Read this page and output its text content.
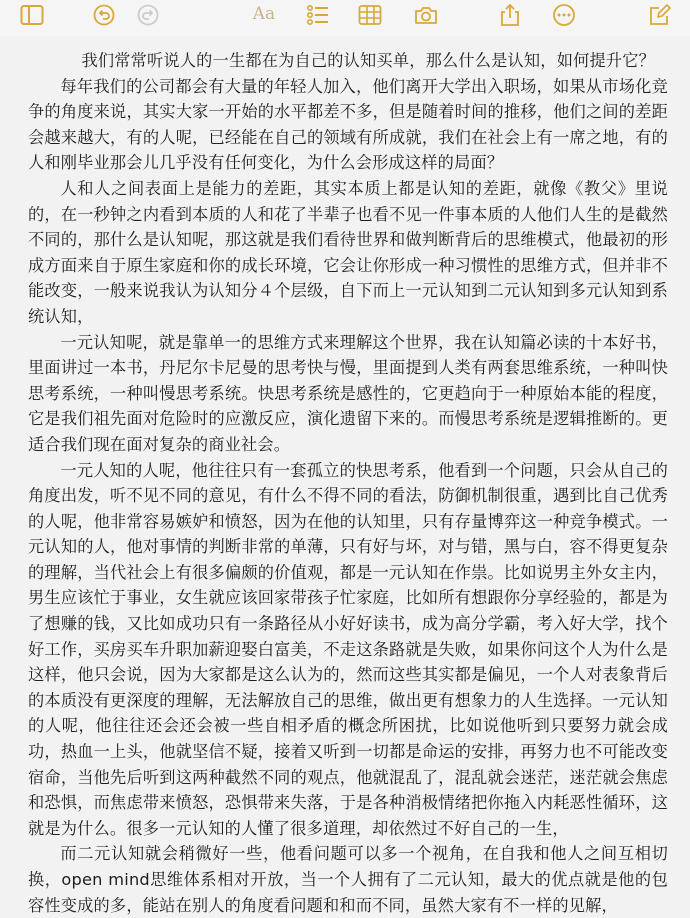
Aa

我们常常听说人的一生都在为自己的认知买单，那么什么是认知，如何提升它？

每年我们的公司都会有大量的年轻人加入，他们离开大学出入职场，如果从市场化竞争的角度来说，其实大家一开始的水平都差不多，但是随着时间的推移，他们之间的差距会越来越大，有的人呢，已经能在自己的领域有所成就，我们在社会上有一席之地，有的人和刚毕业那会儿几乎没有任何变化，为什么会形成这样的局面？

人和人之间表面上是能力的差距，其实本质上都是认知的差距，就像《教父》里说的，在一秒钟之内看到本质的人和花了半辈子也看不见一件事本质的人他们人生的是截然不同的，那什么是认知呢，那这就是我们看待世界和做判断背后的思维模式，他最初的形成方面来自于原生家庭和你的成长环境，它会让你形成一种习惯性的思维方式，但并非不能改变，一般来说我认为认知分４个层级，自下而上一元认知到二元认知到多元认知到系统认知，

一元认知呢，就是靠单一的思维方式来理解这个世界，我在认知篇必读的十本好书，里面讲过一本书，丹尼尔卡尼曼的思考快与慢，里面提到人类有两套思维系统，一种叫快思考系统，一种叫慢思考系统。快思考系统是感性的，它更趋向于一种原始本能的程度，它是我们祖先面对危险时的应激反应，演化遗留下来的。而慢思考系统是逻辑推断的。更适合我们现在面对复杂的商业社会。

一元人知的人呢，他往往只有一套孤立的快思考系，他看到一个问题，只会从自己的角度出发，听不见不同的意见，有什么不得不同的看法，防御机制很重，遇到比自己优秀的人呢，他非常容易嫉妒和愤怒，因为在他的认知里，只有存量博弈这一种竞争模式。一元认知的人，他对事情的判断非常的单薄，只有好与坏，对与错，黑与白，容不得更复杂的理解，当代社会上有很多偏颇的价值观，都是一元认知在作祟。比如说男主外女主内，男生应该忙于事业，女生就应该回家带孩子忙家庭，比如所有想跟你分享经验的，都是为了想赚的钱，又比如成功只有一条路径从小好好读书，成为高分学霸，考入好大学，找个好工作，买房买车升职加薪迎娶白富美，不走这条路就是失败，如果你问这个人为什么是这样，他只会说，因为大家都是这么认为的，然而这些其实都是偏见，一个人对表象背后的本质没有更深度的理解，无法解放自己的思维，做出更有想象力的人生选择。一元认知的人呢，他往往还会还会被一些自相矛盾的概念所困扰，比如说他听到只要努力就会成功，热血一上头，他就坚信不疑，接着又听到一切都是命运的安排，再努力也不可能改变宿命，当他先后听到这两种截然不同的观点，他就混乱了，混乱就会迷茫，迷茫就会焦虑和恐惧，而焦虑带来愤怒，恐惧带来失落，于是各种消极情绪把你拖入内耗恶性循环，这就是为什么。很多一元认知的人懂了很多道理，却依然过不好自己的一生，

而二元认知就会稍微好一些，他看问题可以多一个视角，在自我和他人之间互相切换，open mind思维体系相对开放，当一个人拥有了二元认知，最大的优点就是他的包容性变成的多，能站在别人的角度看问题和和而不同，虽然大家有不一样的见解，
